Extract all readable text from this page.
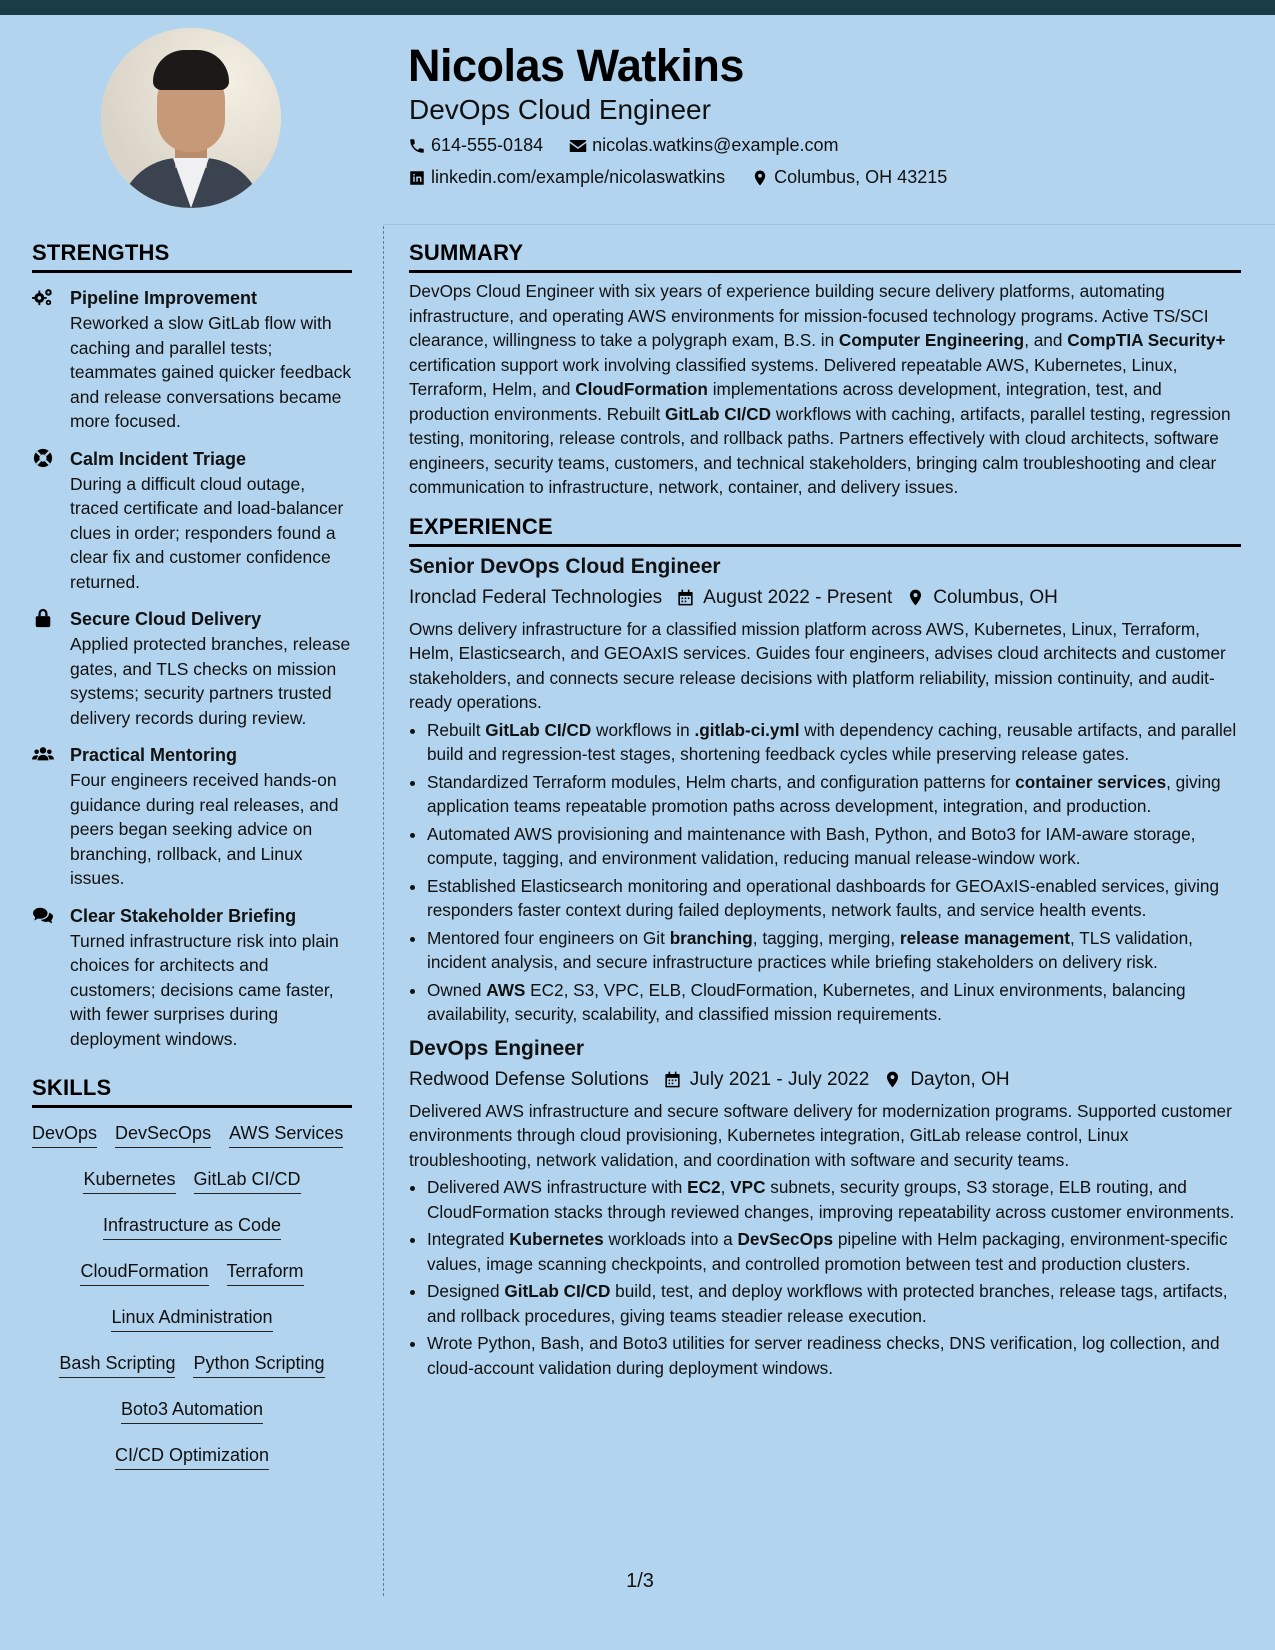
Nicolas Watkins
DevOps Cloud Engineer
614-555-0184	nicolas.watkins@example.com
linkedin.com/example/nicolaswatkins	Columbus, OH 43215
STRENGTHS
Pipeline Improvement
Reworked a slow GitLab flow with caching and parallel tests; teammates gained quicker feedback and release conversations became more focused.
Calm Incident Triage
During a difficult cloud outage, traced certificate and load-balancer clues in order; responders found a clear fix and customer confidence returned.
Secure Cloud Delivery
Applied protected branches, release gates, and TLS checks on mission systems; security partners trusted delivery records during review.
Practical Mentoring
Four engineers received hands-on guidance during real releases, and peers began seeking advice on branching, rollback, and Linux issues.
Clear Stakeholder Briefing
Turned infrastructure risk into plain choices for architects and customers; decisions came faster, with fewer surprises during deployment windows.
SKILLS
DevOps DevSecOps AWS Services
Kubernetes GitLab CI/CD
Infrastructure as Code
CloudFormation Terraform
Linux Administration
Bash Scripting Python Scripting
Boto3 Automation
CI/CD Optimization
SUMMARY
DevOps Cloud Engineer with six years of experience building secure delivery platforms, automating infrastructure, and operating AWS environments for mission-focused technology programs. Active TS/SCI clearance, willingness to take a polygraph exam, B.S. in Computer Engineering, and CompTIA Security+ certification support work involving classified systems. Delivered repeatable AWS, Kubernetes, Linux, Terraform, Helm, and CloudFormation implementations across development, integration, test, and production environments. Rebuilt GitLab CI/CD workflows with caching, artifacts, parallel testing, regression testing, monitoring, release controls, and rollback paths. Partners effectively with cloud architects, software engineers, security teams, customers, and technical stakeholders, bringing calm troubleshooting and clear communication to infrastructure, network, container, and delivery issues.
EXPERIENCE
Senior DevOps Cloud Engineer
Ironclad Federal Technologies August 2022 - Present Columbus, OH
Owns delivery infrastructure for a classified mission platform across AWS, Kubernetes, Linux, Terraform, Helm, Elasticsearch, and GEOAxIS services. Guides four engineers, advises cloud architects and customer stakeholders, and connects secure release decisions with platform reliability, mission continuity, and audit-ready operations.
• Rebuilt GitLab CI/CD workflows in .gitlab-ci.yml with dependency caching, reusable artifacts, and parallel build and regression-test stages, shortening feedback cycles while preserving release gates.
• Standardized Terraform modules, Helm charts, and configuration patterns for container services, giving application teams repeatable promotion paths across development, integration, and production.
• Automated AWS provisioning and maintenance with Bash, Python, and Boto3 for IAM-aware storage, compute, tagging, and environment validation, reducing manual release-window work.
• Established Elasticsearch monitoring and operational dashboards for GEOAxIS-enabled services, giving responders faster context during failed deployments, network faults, and service health events.
• Mentored four engineers on Git branching, tagging, merging, release management, TLS validation, incident analysis, and secure infrastructure practices while briefing stakeholders on delivery risk.
• Owned AWS EC2, S3, VPC, ELB, CloudFormation, Kubernetes, and Linux environments, balancing availability, security, scalability, and classified mission requirements.
DevOps Engineer
Redwood Defense Solutions July 2021 - July 2022 Dayton, OH
Delivered AWS infrastructure and secure software delivery for modernization programs. Supported customer environments through cloud provisioning, Kubernetes integration, GitLab release control, Linux troubleshooting, network validation, and coordination with software and security teams.
• Delivered AWS infrastructure with EC2, VPC subnets, security groups, S3 storage, ELB routing, and CloudFormation stacks through reviewed changes, improving repeatability across customer environments.
• Integrated Kubernetes workloads into a DevSecOps pipeline with Helm packaging, environment-specific values, image scanning checkpoints, and controlled promotion between test and production clusters.
• Designed GitLab CI/CD build, test, and deploy workflows with protected branches, release tags, artifacts, and rollback procedures, giving teams steadier release execution.
• Wrote Python, Bash, and Boto3 utilities for server readiness checks, DNS verification, log collection, and cloud-account validation during deployment windows.
1/3
